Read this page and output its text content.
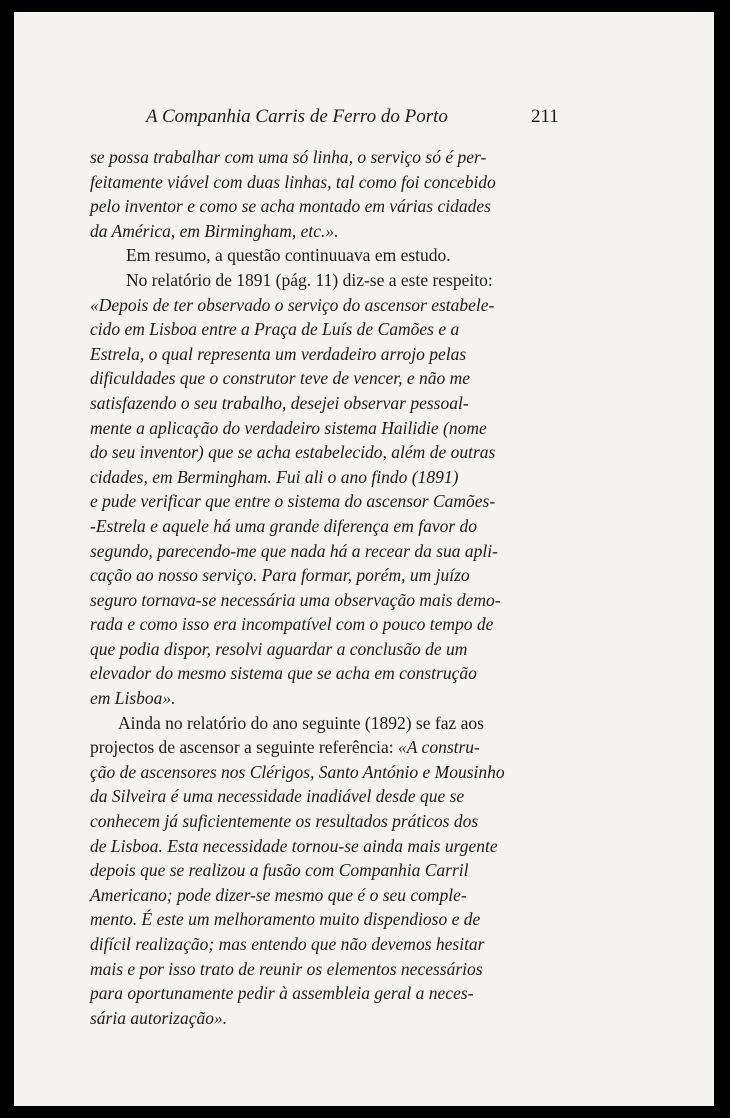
A Companhia Carris de Ferro do Porto	211
se possa trabalhar com uma só linha, o serviço só é per-
feitamente viável com duas linhas, tal como foi concebido
pelo inventor e como se acha montado em várias cidades
da América, em Birmingham, etc.».
Em resumo, a questão continuuava em estudo.
No relatório de 1891 (pág. 11) diz-se a este respeito:
«Depois de ter observado o serviço do ascensor estabele-
cido em Lisboa entre a Praça de Luís de Camões e a
Estrela, o qual representa um verdadeiro arrojo pelas
dificuldades que o construtor teve de vencer, e não me
satisfazendo o seu trabalho, desejei observar pessoal-
mente a aplicação do verdadeiro sistema Hailidie (nome
do seu inventor) que se acha estabelecido, além de outras
cidades, em Bermingham. Fui ali o ano findo (1891)
e pude verificar que entre o sistema do ascensor Camões-
-Estrela e aquele há uma grande diferença em favor do
segundo, parecendo-me que nada há a recear da sua apli-
cação ao nosso serviço. Para formar, porém, um juízo
seguro tornava-se necessária uma observação mais demo-
rada e como isso era incompatível com o pouco tempo de
que podia dispor, resolvi aguardar a conclusão de um
elevador do mesmo sistema que se acha em construção
em Lisboa».
Ainda no relatório do ano seguinte (1892) se faz aos
projectos de ascensor a seguinte referência: «A constru-
ção de ascensores nos Clérigos, Santo António e Mousinho
da Silveira é uma necessidade inadiável desde que se
conhecem já suficientemente os resultados práticos dos
de Lisboa. Esta necessidade tornou-se ainda mais urgente
depois que se realizou a fusão com Companhia Carril
Americano; pode dizer-se mesmo que é o seu comple-
mento. É este um melhoramento muito dispendioso e de
difícil realização; mas entendo que não devemos hesitar
mais e por isso trato de reunir os elementos necessários
para oportunamente pedir à assembleia geral a neces-
sária autorização».
